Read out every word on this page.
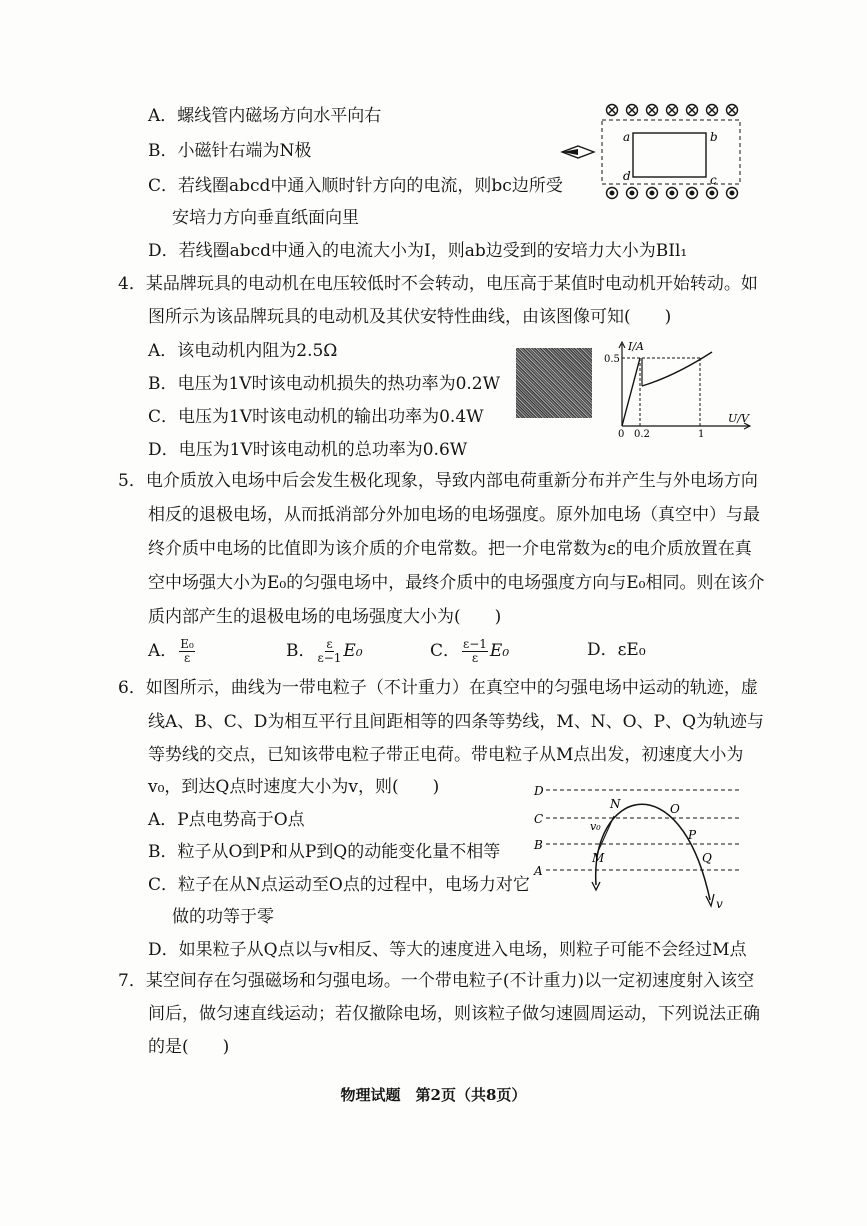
A．螺线管内磁场方向水平向右
B．小磁针右端为N极
C．若线圈abcd中通入顺时针方向的电流，则bc边所受
安培力方向垂直纸面向里
D．若线圈abcd中通入的电流大小为I，则ab边受到的安培力大小为BIl₁
a	b
c
d
4．某品牌玩具的电动机在电压较低时不会转动，电压高于某值时电动机开始转动。如
图所示为该品牌玩具的电动机及其伏安特性曲线，由该图像可知(　　)
A．该电动机内阻为2.5Ω
B．电压为1V时该电动机损失的热功率为0.2W
C．电压为1V时该电动机的输出功率为0.4W
D．电压为1V时该电动机的总功率为0.6W
I/A
U/V
0.5
0 0.2	1
5．电介质放入电场中后会发生极化现象，导致内部电荷重新分布并产生与外电场方向
相反的退极电场，从而抵消部分外加电场的电场强度。原外加电场（真空中）与最
终介质中电场的比值即为该介质的介电常数。把一介电常数为ε的电介质放置在真
空中场强大小为E₀的匀强电场中，最终介质中的电场强度方向与E₀相同。则在该介
质内部产生的退极电场的电场强度大小为(　　)
A． $\frac{\text{E₀}}{\varepsilon}$	B． $\frac{\varepsilon}{\varepsilon-1} E_0$	C． $\frac{\varepsilon-1}{\varepsilon} E_0$	D．εE₀
6．如图所示，曲线为一带电粒子（不计重力）在真空中的匀强电场中运动的轨迹，虚
线A、B、C、D为相互平行且间距相等的四条等势线，M、N、O、P、Q为轨迹与
等势线的交点，已知该带电粒子带正电荷。带电粒子从M点出发，初速度大小为
v₀，到达Q点时速度大小为v，则(　　)
A．P点电势高于O点
B．粒子从O到P和从P到Q的动能变化量不相等
C．粒子在从N点运动至O点的过程中，电场力对它
做的功等于零
D．如果粒子从Q点以与v相反、等大的速度进入电场，则粒子可能不会经过M点
D
C
B
A
N	O
P
M	Q
v₀
v
7．某空间存在匀强磁场和匀强电场。一个带电粒子(不计重力)以一定初速度射入该空
间后，做匀速直线运动；若仅撤除电场，则该粒子做匀速圆周运动，下列说法正确
的是(　　)
物理试题　第2页（共8页）
